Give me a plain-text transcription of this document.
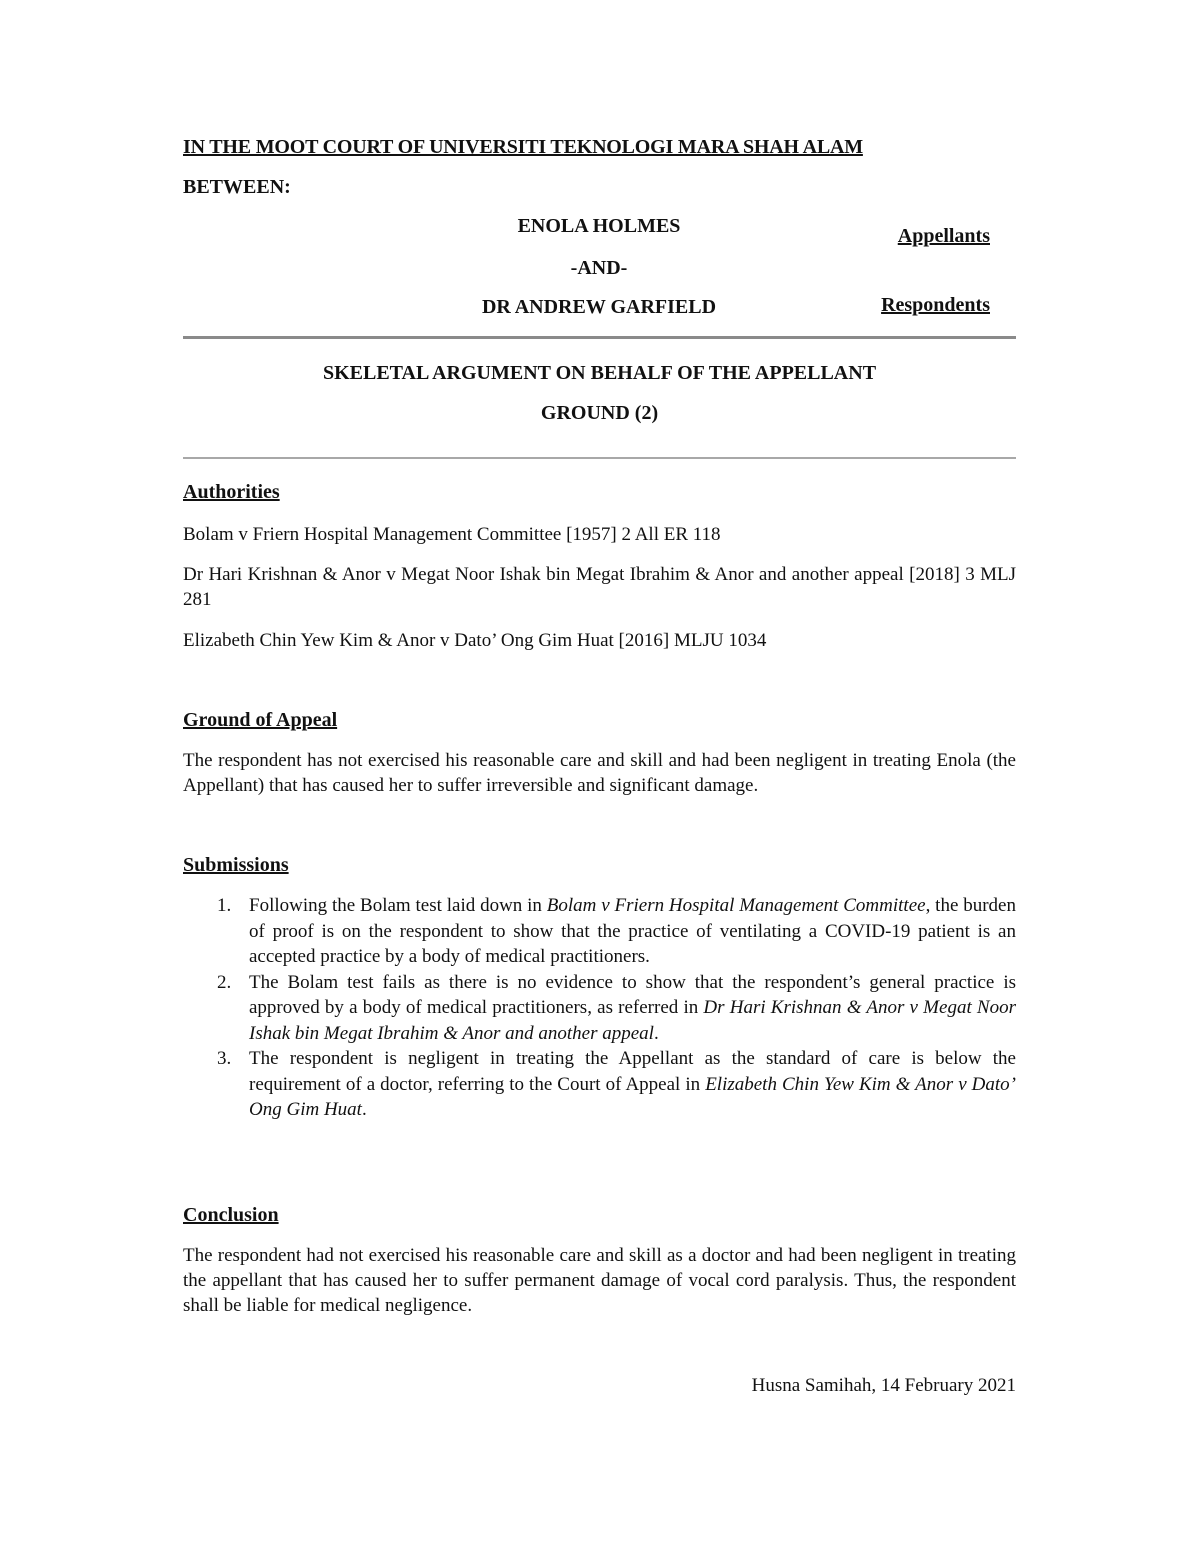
IN THE MOOT COURT OF UNIVERSITI TEKNOLOGI MARA SHAH ALAM
BETWEEN:
ENOLA HOLMES
-AND-
DR ANDREW GARFIELD
Appellants
Respondents
SKELETAL ARGUMENT ON BEHALF OF THE APPELLANT
GROUND (2)
Authorities
Bolam v Friern Hospital Management Committee [1957] 2 All ER 118
Dr Hari Krishnan & Anor v Megat Noor Ishak bin Megat Ibrahim & Anor and another appeal [2018] 3 MLJ 281
Elizabeth Chin Yew Kim & Anor v Dato’ Ong Gim Huat [2016] MLJU 1034
Ground of Appeal
The respondent has not exercised his reasonable care and skill and had been negligent in treating Enola (the Appellant) that has caused her to suffer irreversible and significant damage.
Submissions
1. Following the Bolam test laid down in Bolam v Friern Hospital Management Committee, the burden of proof is on the respondent to show that the practice of ventilating a COVID-19 patient is an accepted practice by a body of medical practitioners.
2. The Bolam test fails as there is no evidence to show that the respondent’s general practice is approved by a body of medical practitioners, as referred in Dr Hari Krishnan & Anor v Megat Noor Ishak bin Megat Ibrahim & Anor and another appeal.
3. The respondent is negligent in treating the Appellant as the standard of care is below the requirement of a doctor, referring to the Court of Appeal in Elizabeth Chin Yew Kim & Anor v Dato’ Ong Gim Huat.
Conclusion
The respondent had not exercised his reasonable care and skill as a doctor and had been negligent in treating the appellant that has caused her to suffer permanent damage of vocal cord paralysis. Thus, the respondent shall be liable for medical negligence.
Husna Samihah, 14 February 2021
